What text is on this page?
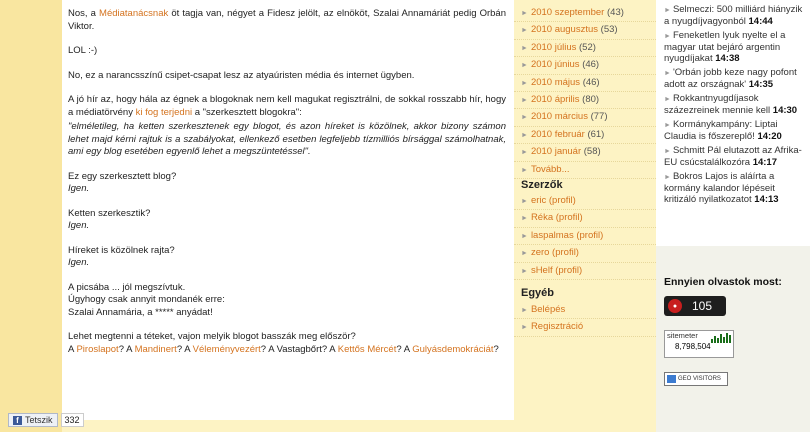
Nos, a Médiatanácsnak öt tagja van, négyet a Fidesz jelölt, az elnököt, Szalai Annamáriát pedig Orbán Viktor.

LOL :-)

No, ez a narancsszínű csipet-csapat lesz az atyaúristen média és internet ügyben.

A jó hír az, hogy hála az égnek a blogoknak nem kell magukat regisztrálni, de sokkal rosszabb hír, hogy a médiatörvény ki fog terjedni a "szerkesztett blogokra":

"elméletileg, ha ketten szerkesztenek egy blogot, és azon híreket is közölnek, akkor bizony számon lehet majd kérni rajtuk is a szabályokat, ellenkező esetben legfeljebb tízmilliós bírsággal számolhatnak, ami egy blog esetében egyenlő lehet a megszüntetéssel".

Ez egy szerkesztett blog?
Igen.

Ketten szerkesztik?
Igen.

Híreket is közölnek rajta?
Igen.

A picsába ... jól megszívtuk.
Úgyhogy csak annyit mondanék erre:
Szalai Annamária, a ***** anyádat!

Lehet megtenni a téteket, vajon melyik blogot basszák meg először?
A Piroslapot? A Mandinert? A Véleményvezért? A Vastagbőrt? A Kettős Mércét? A Gulyásdemokráciát?

f Tetszik	332
► 2010 szeptember (43)
► 2010 augusztus (53)
► 2010 július (52)
► 2010 június (46)
► 2010 május (46)
► 2010 április (80)
► 2010 március (77)
► 2010 február (61)
► 2010 január (58)
► Tovább...
Szerzők
► eric (profil)
► Réka (profil)
► laspalmas (profil)
► zero (profil)
► sHelf (profil)
Egyéb
► Belépés
► Regisztráció
► Selmeczi: 500 milliárd hiányzik a nyugdíjvagyonból 14:44
► Feneketlen lyuk nyelte el a magyar utat bejáró argentin nyugdíjakat 14:38
► 'Orbán jobb keze nagy pofont adott az országnak' 14:35
► Rokkantnyugdíjasok százezreinek mennie kell 14:30
► Kormánykampány: Liptai Claudia is főszereplő! 14:20
► Schmitt Pál elutazott az Afrika-EU csúcstalálkozóra 14:17
► Bokros Lajos is aláírta a kormány kalandor lépéseit kritizáló nyilatkozatot 14:13
Ennyien olvastok most:
●	105
sitemeter
8,798,504
GEO VISITORS
